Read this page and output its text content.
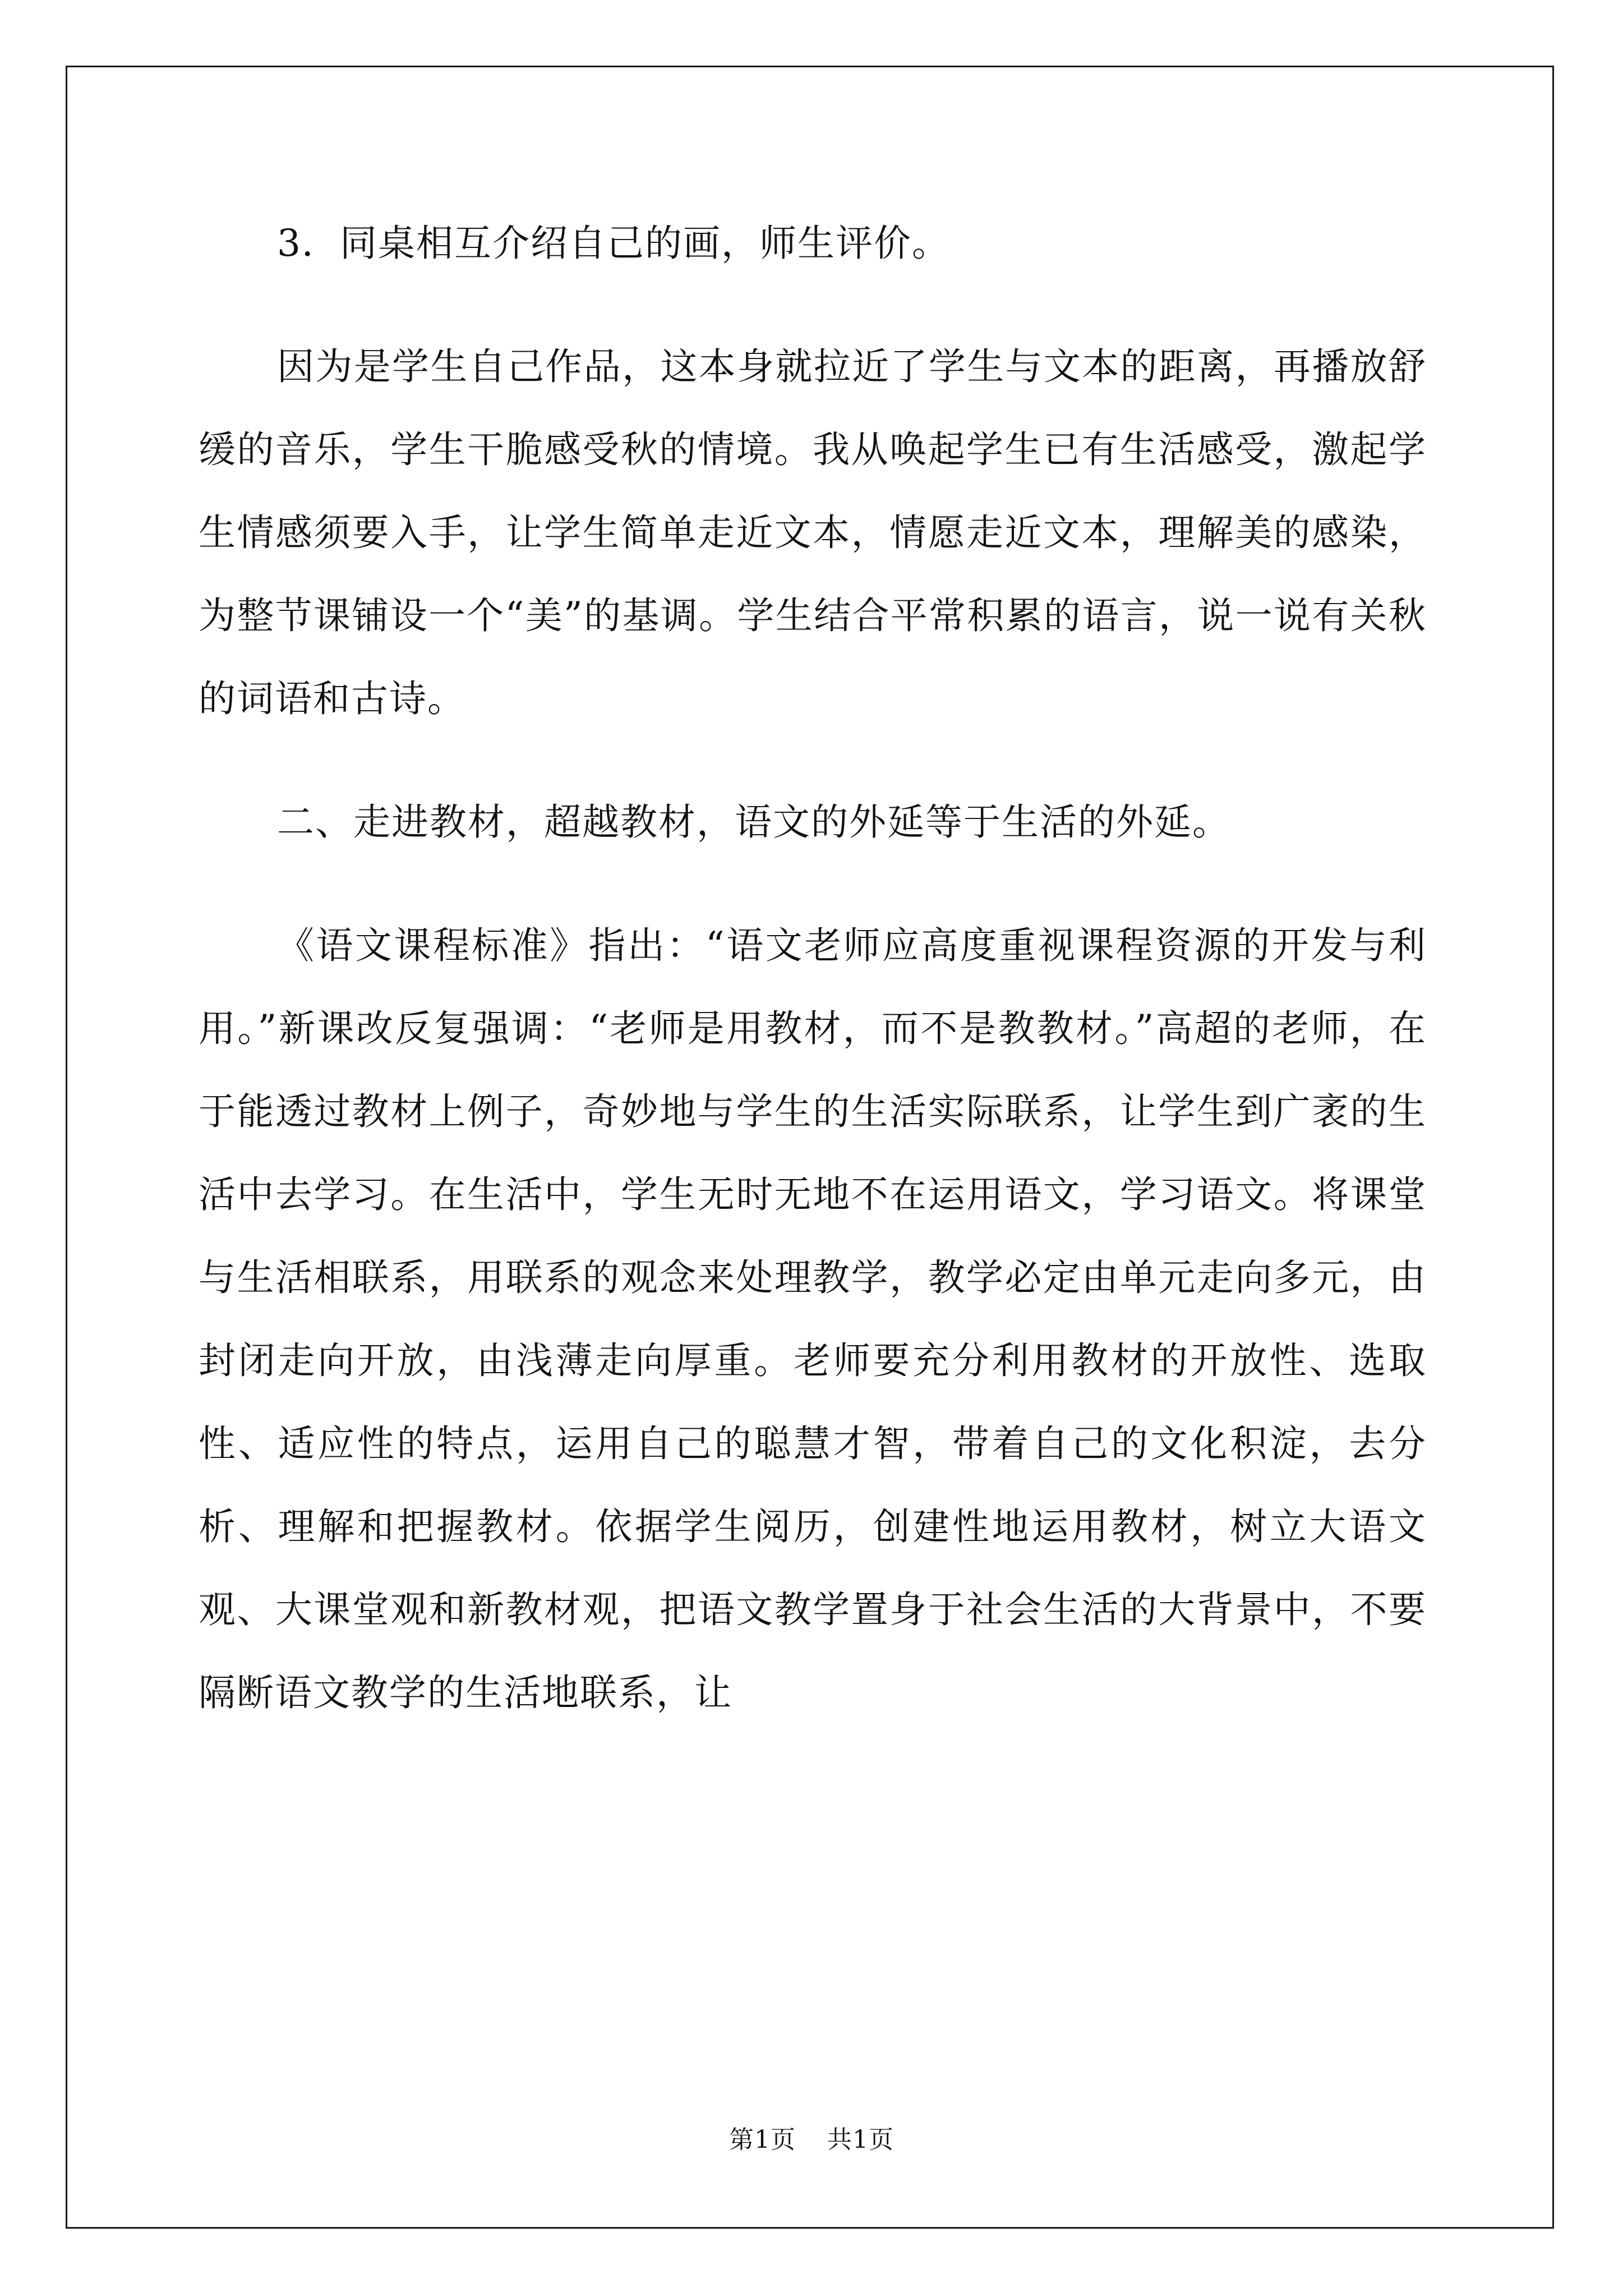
3．同桌相互介绍自己的画，师生评价。

因为是学生自己作品，这本身就拉近了学生与文本的距离，再播放舒缓的音乐，学生干脆感受秋的情境。我从唤起学生已有生活感受，激起学生情感须要入手，让学生简单走近文本，情愿走近文本，理解美的感染，为整节课铺设一个“美”的基调。学生结合平常积累的语言，说一说有关秋的词语和古诗。

二、走进教材，超越教材，语文的外延等于生活的外延。

《语文课程标准》指出：“语文老师应高度重视课程资源的开发与利用。”新课改反复强调：“老师是用教材，而不是教教材。”高超的老师，在于能透过教材上例子，奇妙地与学生的生活实际联系，让学生到广袤的生活中去学习。在生活中，学生无时无地不在运用语文，学习语文。将课堂与生活相联系，用联系的观念来处理教学，教学必定由单元走向多元，由封闭走向开放，由浅薄走向厚重。老师要充分利用教材的开放性、选取性、适应性的特点，运用自己的聪慧才智，带着自己的文化积淀，去分析、理解和把握教材。依据学生阅历，创建性地运用教材，树立大语文观、大课堂观和新教材观，把语文教学置身于社会生活的大背景中，不要隔断语文教学的生活地联系，让

第1页 共1页
